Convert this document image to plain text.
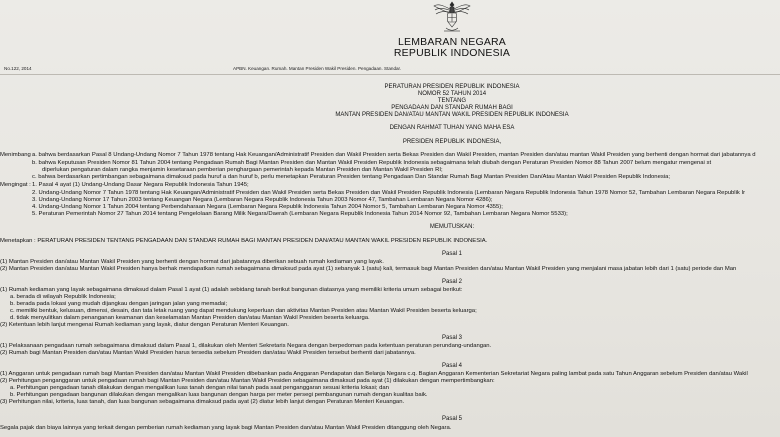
LEMBARAN NEGARA
REPUBLIK INDONESIA
No.122, 2014	APBN. Keuangan. Rumah. Mantan Presiden Wakil Presiden. Pengadaan. Standar.
PERATURAN PRESIDEN REPUBLIK INDONESIA
NOMOR 52 TAHUN 2014
TENTANG
PENGADAAN DAN STANDAR RUMAH BAGI
MANTAN PRESIDEN DAN/ATAU MANTAN WAKIL PRESIDEN REPUBLIK INDONESIA
DENGAN RAHMAT TUHAN YANG MAHA ESA
PRESIDEN REPUBLIK INDONESIA,
Menimbang :
a. bahwa berdasarkan Pasal 8 Undang-Undang Nomor 7 Tahun 1978 tentang Hak Keuangan/Administratif Presiden dan Wakil Presiden serta Bekas Presiden dan Wakil Presiden, mantan Presiden dan/atau mantan Wakil Presiden yang berhenti dengan hormat dari jabatannya d
b. bahwa Keputusan Presiden Nomor 81 Tahun 2004 tentang Pengadaan Rumah Bagi Mantan Presiden dan Mantan Wakil Presiden Republik Indonesia sebagaimana telah diubah dengan Peraturan Presiden Nomor 88 Tahun 2007 belum mengatur mengenai st
diperlukan pengaturan dalam rangka menjamin kesetaraan pemberian penghargaan pemerintah kepada Mantan Presiden dan Mantan Wakil Presiden RI;
c. bahwa berdasarkan pertimbangan sebagaimana dimaksud pada huruf a dan huruf b, perlu menetapkan Peraturan Presiden tentang Pengadaan Dan Standar Rumah Bagi Mantan Presiden Dan/Atau Mantan Wakil Presiden Republik Indonesia;
Mengingat : 1. Pasal 4 ayat (1) Undang-Undang Dasar Negara Republik Indonesia Tahun 1945;
2. Undang-Undang Nomor 7 Tahun 1978 tentang Hak Keuangan/Administratif Presiden dan Wakil Presiden serta Bekas Presiden dan Wakil Presiden Republik Indonesia (Lembaran Negara Republik Indonesia Tahun 1978 Nomor 52, Tambahan Lembaran Negara Republik Ir
3. Undang-Undang Nomor 17 Tahun 2003 tentang Keuangan Negara (Lembaran Negara Republik Indonesia Tahun 2003 Nomor 47, Tambahan Lembaran Negara Nomor 4286);
4. Undang-Undang Nomor 1 Tahun 2004 tentang Perbendaharaan Negara (Lembaran Negara Republik Indonesia Tahun 2004 Nomor 5, Tambahan Lembaran Negara Nomor 4355);
5. Peraturan Pemerintah Nomor 27 Tahun 2014 tentang Pengelolaan Barang Milik Negara/Daerah (Lembaran Negara Republik Indonesia Tahun 2014 Nomor 92, Tambahan Lembaran Negara Nomor 5533);
MEMUTUSKAN:
Menetapkan : PERATURAN PRESIDEN TENTANG PENGADAAN DAN STANDAR RUMAH BAGI MANTAN PRESIDEN DAN/ATAU MANTAN WAKIL PRESIDEN REPUBLIK INDONESIA.
Pasal 1
(1) Mantan Presiden dan/atau Mantan Wakil Presiden yang berhenti dengan hormat dari jabatannya diberikan sebuah rumah kediaman yang layak.
(2) Mantan Presiden dan/atau Mantan Wakil Presiden hanya berhak mendapatkan rumah sebagaimana dimaksud pada ayat (1) sebanyak 1 (satu) kali, termasuk bagi Mantan Presiden dan/atau Mantan Wakil Presiden yang menjalani masa jabatan lebih dari 1 (satu) periode dan Man
Pasal 2
(1) Rumah kediaman yang layak sebagaimana dimaksud dalam Pasal 1 ayat (1) adalah sebidang tanah berikut bangunan diatasnya yang memiliki kriteria umum sebagai berikut:
a. berada di wilayah Republik Indonesia;
b. berada pada lokasi yang mudah dijangkau dengan jaringan jalan yang memadai;
c. memiliki bentuk, kelusuan, dimensi, desain, dan tata letak ruang yang dapat mendukung keperluan dan aktivitas Mantan Presiden atau Mantan Wakil Presiden beserta keluarga;
d. tidak menyulitkan dalam penanganan keamanan dan keselamatan Mantan Presiden dan/atau Mantan Wakil Presiden beserta keluarga.
(2) Ketentuan lebih lanjut mengenai Rumah kediaman yang layak, diatur dengan Peraturan Menteri Keuangan.
Pasal 3
(1) Pelaksanaan pengadaan rumah sebagaimana dimaksud dalam Pasal 1, dilakukan oleh Menteri Sekretaris Negara dengan berpedoman pada ketentuan peraturan perundang-undangan.
(2) Rumah bagi Mantan Presiden dan/atau Mantan Wakil Presiden harus tersedia sebelum Presiden dan/atau Wakil Presiden tersebut berhenti dari jabatannya.
Pasal 4
(1) Anggaran untuk pengadaan rumah bagi Mantan Presiden dan/atau Mantan Wakil Presiden dibebankan pada Anggaran Pendapatan dan Belanja Negara c.q. Bagian Anggaran Kementerian Sekretariat Negara paling lambat pada satu Tahun Anggaran sebelum Presiden dan/atau Wakil
(2) Perhitungan penganggaran untuk pengadaan rumah bagi Mantan Presiden dan/atau Mantan Wakil Presiden sebagaimana dimaksud pada ayat (1) dilakukan dengan mempertimbangkan:
a. Perhitungan pengadaan tanah dilakukan dengan mengalikan luas tanah dengan nilai tanah pada saat penganggaran sesuai kriteria lokasi; dan
b. Perhitungan pengadaan bangunan dilakukan dengan mengalikan luas bangunan dengan harga per meter persegi pembangunan rumah dengan kualitas baik.
(3) Perhitungan nilai, kriteria, luas tanah, dan luas bangunan sebagaimana dimaksud pada ayat (2) diatur lebih lanjut dengan Peraturan Menteri Keuangan.
Pasal 5
Segala pajak dan biaya lainnya yang terkait dengan pemberian rumah kediaman yang layak bagi Mantan Presiden dan/atau Mantan Wakil Presiden ditanggung oleh Negara.
